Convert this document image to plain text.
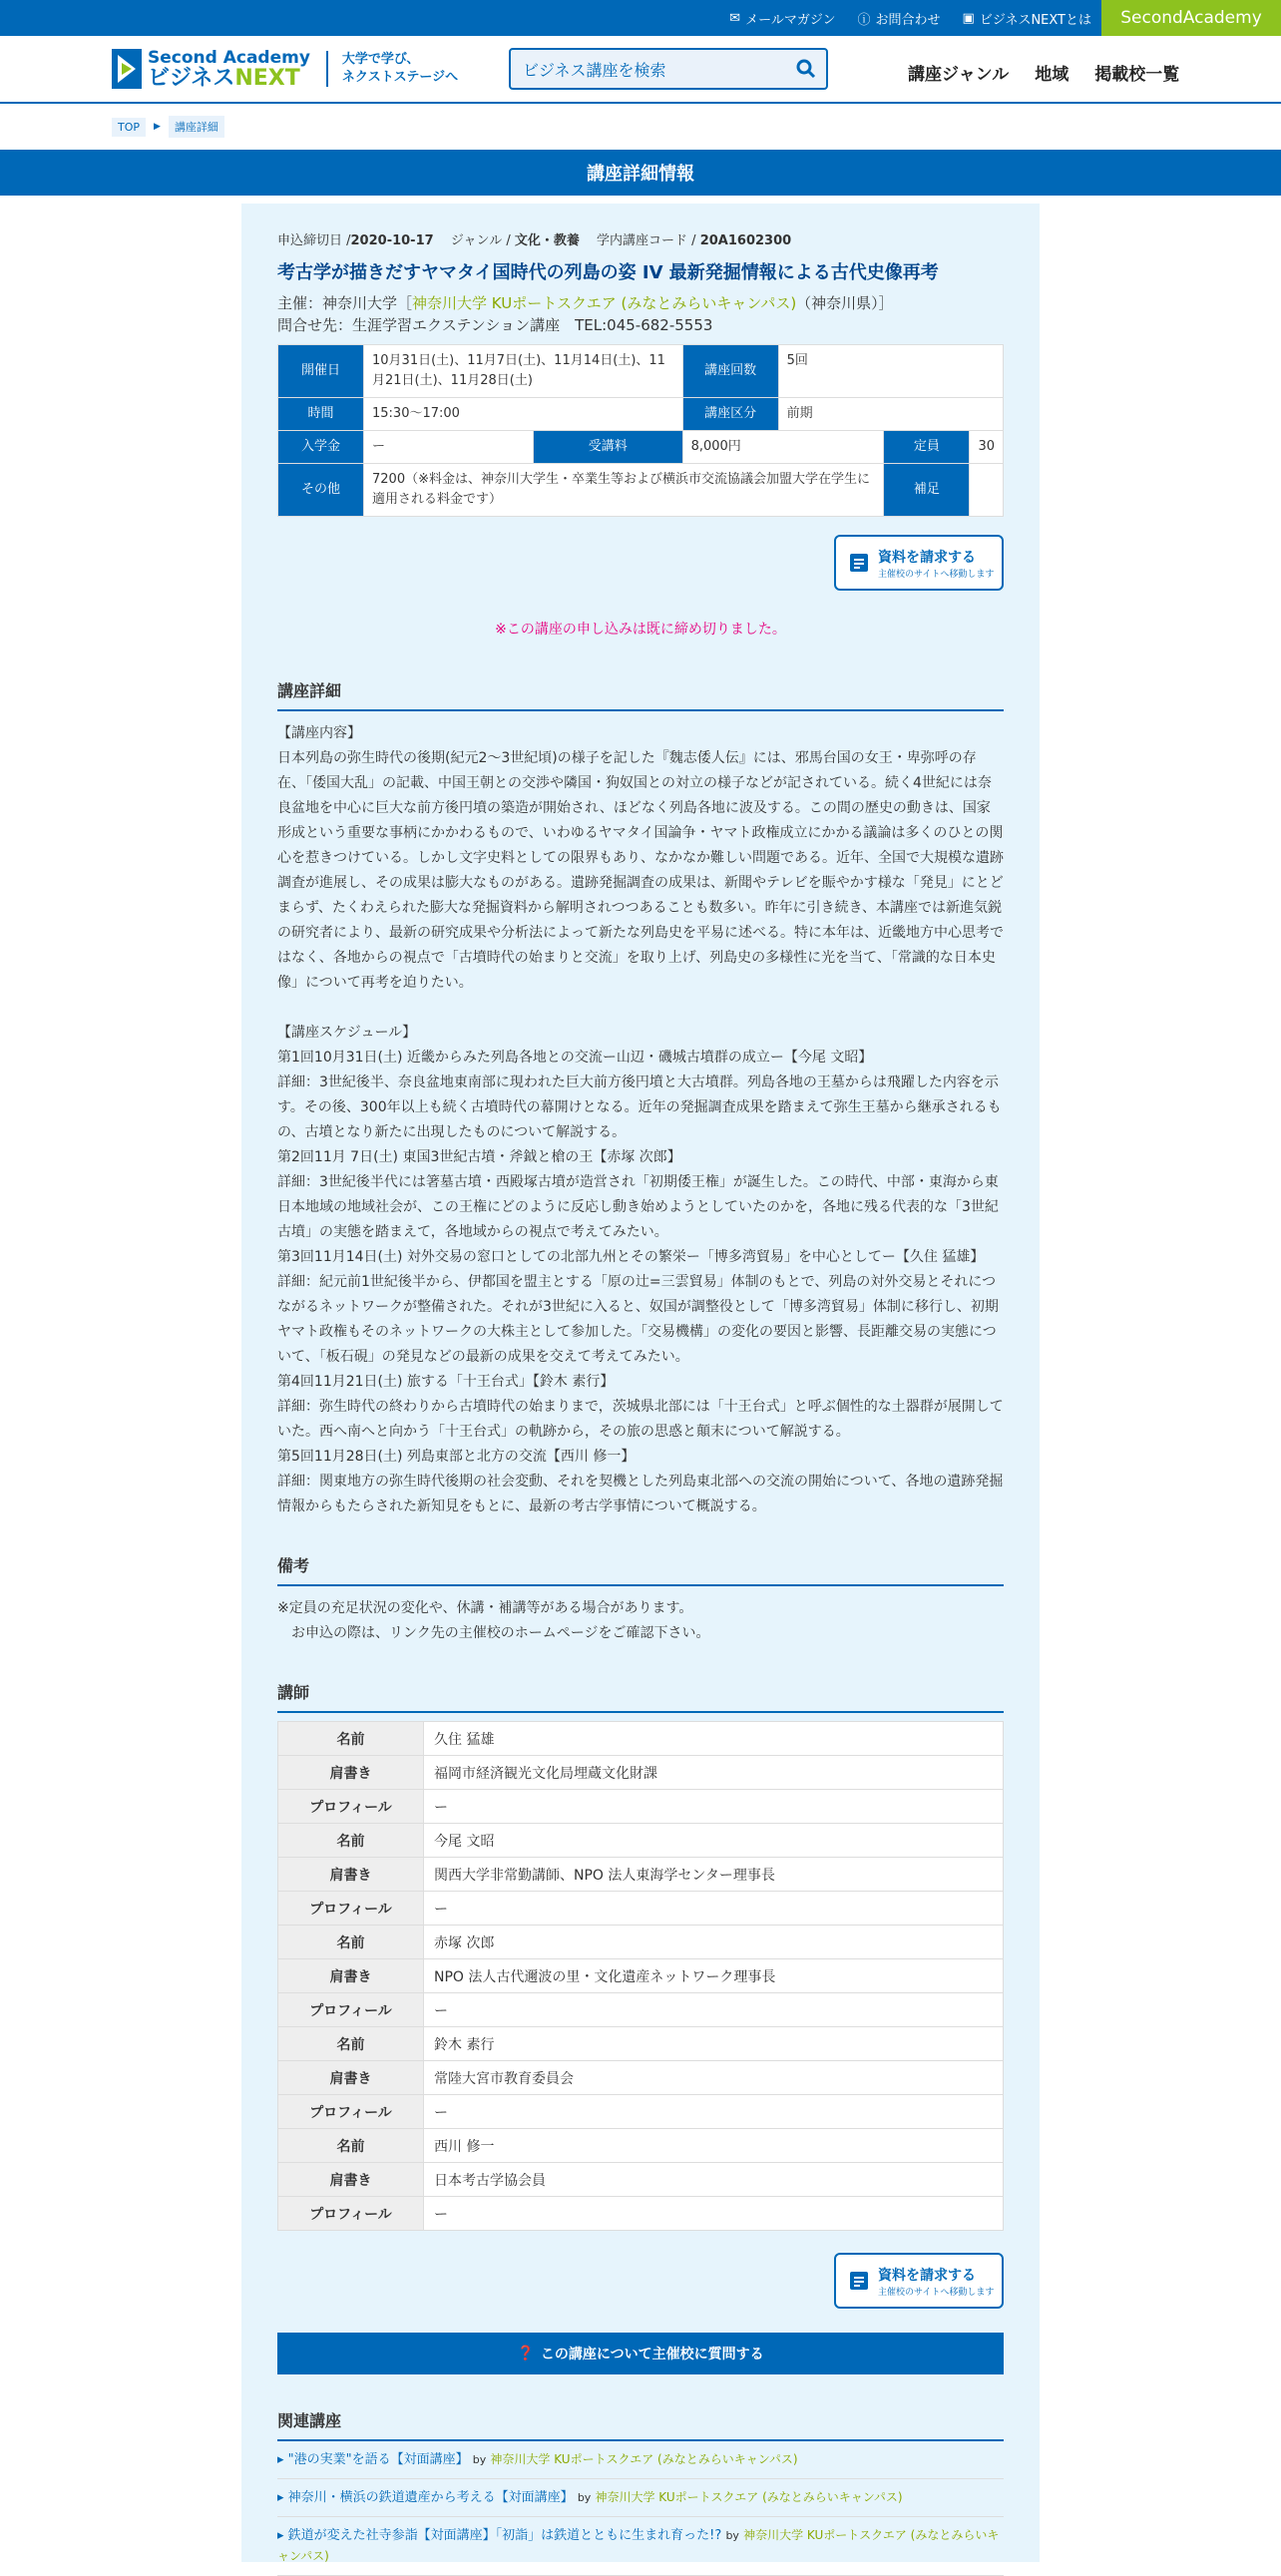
✉ メールマガジン ⓘ お問合わせ ▣ ビジネスNEXTとは	SecondAcademy
Second Academy
ビジネスNEXT
大学で学び、
ネクストステージへ	ビジネス講座を検索	講座ジャンル 地域 掲載校一覧
TOP	▶	講座詳細
講座詳細情報
申込締切日 /2020-10-17　 ジャンル / 文化・教養　 学内講座コード / 20A1602300
考古学が描きだすヤマタイ国時代の列島の姿 IV 最新発掘情報による古代史像再考
主催：神奈川大学［神奈川大学 KUポートスクエア (みなとみらいキャンパス)（神奈川県）］
問合せ先：生涯学習エクステンション講座　TEL:045-682-5553
開催日	10月31日(土)、11月7日(土)、11月14日(土)、11月21日(土)、11月28日(土)		講座回数	5回		
時間	15:30〜17:00		講座区分	前期		
入学金	ー	受講料	8,000円		定員	30
その他	7200（※料金は、神奈川大学生・卒業生等および横浜市交流協議会加盟大学在学生に適用される料金です）				補足	
資料を請求する
主催校のサイトへ移動します
※この講座の申し込みは既に締め切りました。
講座詳細

【講座内容】

日本列島の弥生時代の後期(紀元2〜3世紀頃)の様子を記した『魏志倭人伝』には、邪馬台国の女王・卑弥呼の存在、「倭国大乱」の記載、中国王朝との交渉や隣国・狗奴国との対立の様子などが記されている。続く4世紀には奈良盆地を中心に巨大な前方後円墳の築造が開始され、ほどなく列島各地に波及する。この間の歴史の動きは、国家形成という重要な事柄にかかわるもので、いわゆるヤマタイ国論争・ヤマト政権成立にかかる議論は多くのひとの関心を惹きつけている。しかし文字史料としての限界もあり、なかなか難しい問題である。近年、全国で大規模な遺跡調査が進展し、その成果は膨大なものがある。遺跡発掘調査の成果は、新聞やテレビを賑やかす様な「発見」にとどまらず、たくわえられた膨大な発掘資料から解明されつつあることも数多い。昨年に引き続き、本講座では新進気鋭の研究者により、最新の研究成果や分析法によって新たな列島史を平易に述べる。特に本年は、近畿地方中心思考ではなく、各地からの視点で「古墳時代の始まりと交流」を取り上げ、列島史の多様性に光を当て、「常識的な日本史像」について再考を迫りたい。

【講座スケジュール】

第1回10月31日(土) 近畿からみた列島各地との交流ー山辺・磯城古墳群の成立ー【今尾 文昭】

詳細：3世紀後半、奈良盆地東南部に現われた巨大前方後円墳と大古墳群。列島各地の王墓からは飛躍した内容を示す。その後、300年以上も続く古墳時代の幕開けとなる。近年の発掘調査成果を踏まえて弥生王墓から継承されるもの、古墳となり新たに出現したものについて解説する。

第2回11月 7日(土) 東国3世紀古墳・斧鉞と槍の王【赤塚 次郎】

詳細：3世紀後半代には箸墓古墳・西殿塚古墳が造営され「初期倭王権」が誕生した。この時代、中部・東海から東日本地域の地域社会が、この王権にどのように反応し動き始めようとしていたのかを，各地に残る代表的な「3世紀古墳」の実態を踏まえて，各地域からの視点で考えてみたい。

第3回11月14日(土) 対外交易の窓口としての北部九州とその繁栄ー「博多湾貿易」を中心としてー【久住 猛雄】

詳細：紀元前1世紀後半から、伊都国を盟主とする「原の辻=三雲貿易」体制のもとで、列島の対外交易とそれにつながるネットワークが整備された。それが3世紀に入ると、奴国が調整役として「博多湾貿易」体制に移行し、初期ヤマト政権もそのネットワークの大株主として参加した。「交易機構」の変化の要因と影響、長距離交易の実態について、「板石硯」の発見などの最新の成果を交えて考えてみたい。

第4回11月21日(土) 旅する「十王台式」【鈴木 素行】

詳細：弥生時代の終わりから古墳時代の始まりまで，茨城県北部には「十王台式」と呼ぶ個性的な土器群が展開していた。西へ南へと向かう「十王台式」の軌跡から，その旅の思惑と顛末について解説する。

第5回11月28日(土) 列島東部と北方の交流【西川 修一】

詳細：関東地方の弥生時代後期の社会変動、それを契機とした列島東北部への交流の開始について、各地の遺跡発掘情報からもたらされた新知見をもとに、最新の考古学事情について概説する。

備考

※定員の充足状況の変化や、休講・補講等がある場合があります。

　お申込の際は、リンク先の主催校のホームページをご確認下さい。

講師
名前	久住 猛雄
肩書き	福岡市経済観光文化局埋蔵文化財課
プロフィール	ー
名前	今尾 文昭
肩書き	関西大学非常勤講師、NPO 法人東海学センター理事長
プロフィール	ー
名前	赤塚 次郎
肩書き	NPO 法人古代邇波の里・文化遺産ネットワーク理事長
プロフィール	ー
名前	鈴木 素行
肩書き	常陸大宮市教育委員会
プロフィール	ー
名前	西川 修一
肩書き	日本考古学協会員
プロフィール	ー
資料を請求する
主催校のサイトへ移動します
❓ この講座について主催校に質問する
関連講座
▸ "港の実業"を語る【対面講座】 by 神奈川大学 KUポートスクエア (みなとみらいキャンパス)
▸ 神奈川・横浜の鉄道遺産から考える【対面講座】 by 神奈川大学 KUポートスクエア (みなとみらいキャンパス)
▸ 鉄道が変えた社寺参詣【対面講座】「初詣」は鉄道とともに生まれ育った!? by 神奈川大学 KUポートスクエア (みなとみらいキャンパス)
